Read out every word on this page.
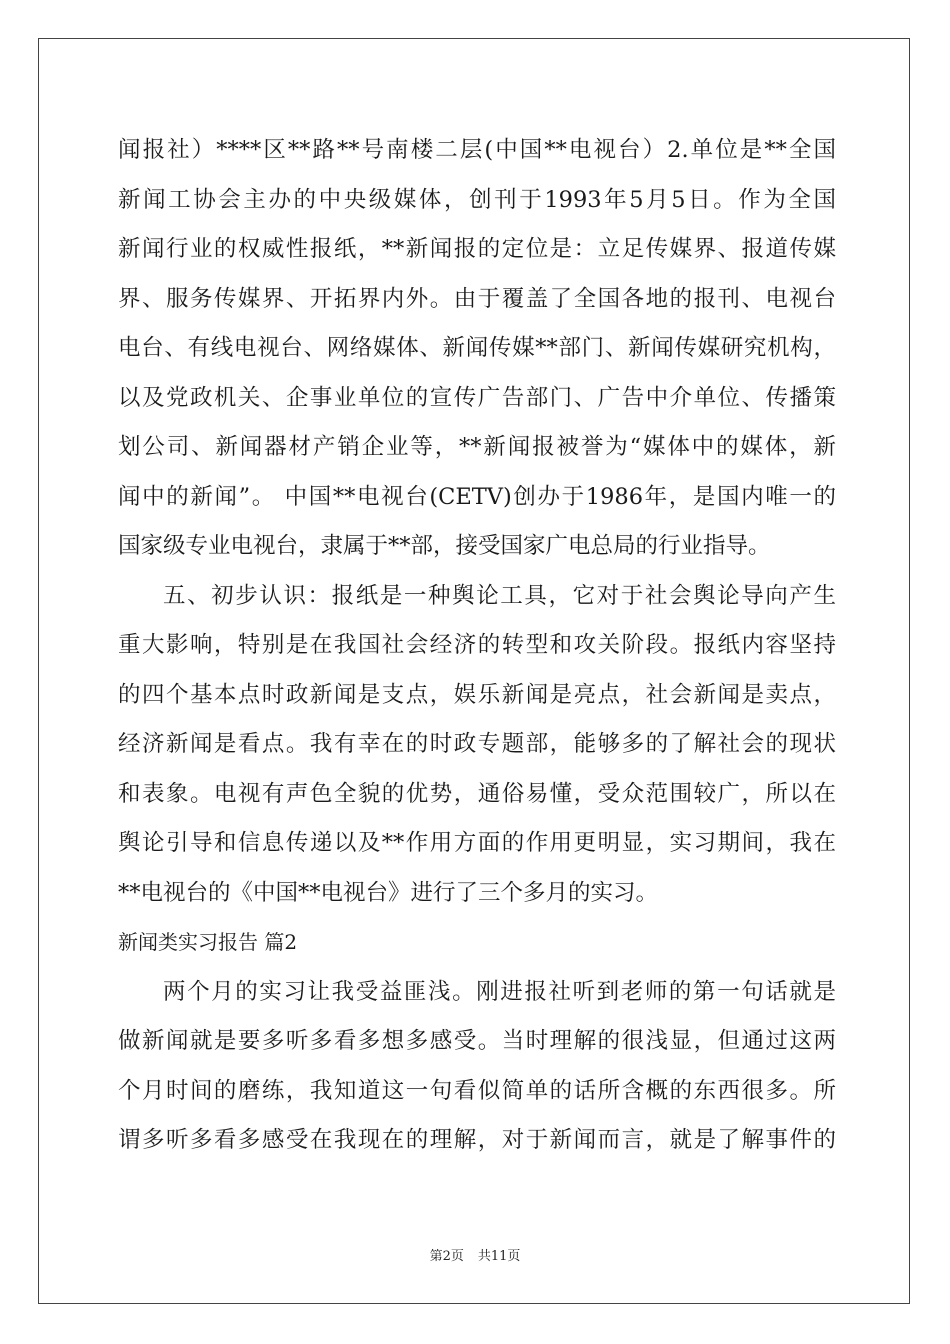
闻报社）****区**路**号南楼二层(中国**电视台）2.单位是**全国
新闻工协会主办的中央级媒体，创刊于1993年5月5日。作为全国
新闻行业的权威性报纸，**新闻报的定位是：立足传媒界、报道传媒
界、服务传媒界、开拓界内外。由于覆盖了全国各地的报刊、电视台
电台、有线电视台、网络媒体、新闻传媒**部门、新闻传媒研究机构，
以及党政机关、企事业单位的宣传广告部门、广告中介单位、传播策
划公司、新闻器材产销企业等，**新闻报被誉为“媒体中的媒体，新
闻中的新闻”。 中国**电视台(CETV)创办于1986年，是国内唯一的
国家级专业电视台，隶属于**部，接受国家广电总局的行业指导。
五、初步认识：报纸是一种舆论工具，它对于社会舆论导向产生
重大影响，特别是在我国社会经济的转型和攻关阶段。报纸内容坚持
的四个基本点时政新闻是支点，娱乐新闻是亮点，社会新闻是卖点，
经济新闻是看点。我有幸在的时政专题部，能够多的了解社会的现状
和表象。电视有声色全貌的优势，通俗易懂，受众范围较广，所以在
舆论引导和信息传递以及**作用方面的作用更明显，实习期间，我在
**电视台的《中国**电视台》进行了三个多月的实习。
新闻类实习报告 篇2
两个月的实习让我受益匪浅。刚进报社听到老师的第一句话就是
做新闻就是要多听多看多想多感受。当时理解的很浅显，但通过这两
个月时间的磨练，我知道这一句看似简单的话所含概的东西很多。所
谓多听多看多感受在我现在的理解，对于新闻而言，就是了解事件的
第2页 共11页
